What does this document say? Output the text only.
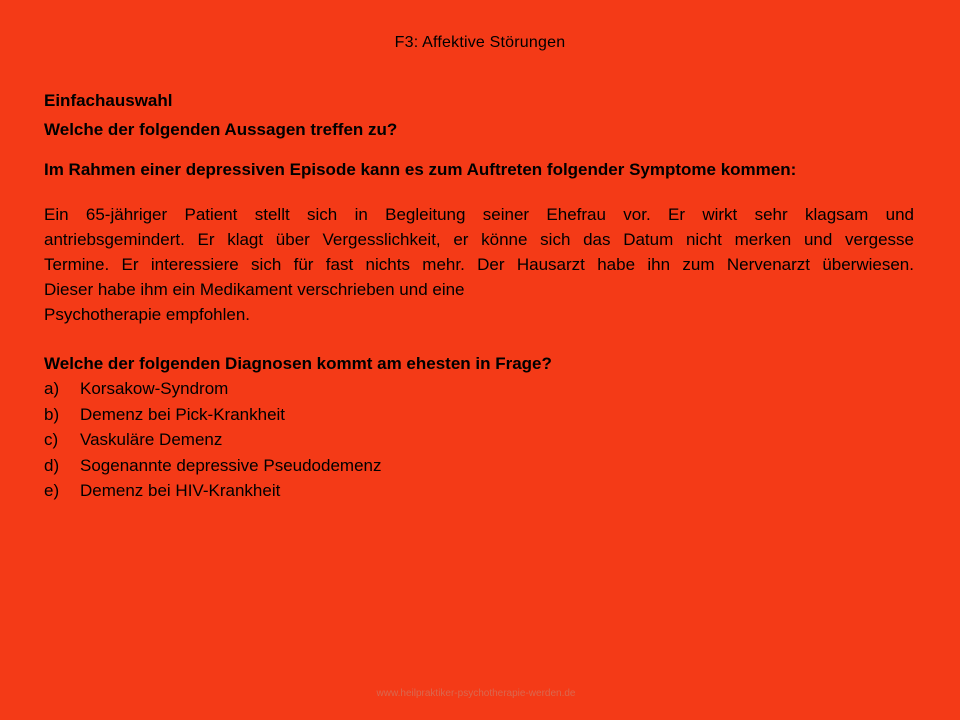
F3: Affektive Störungen

Einfachauswahl

Welche der folgenden Aussagen treffen zu?

Im Rahmen einer depressiven Episode kann es zum Auftreten folgender Symptome kommen:

Ein 65-jähriger Patient stellt sich in Begleitung seiner Ehefrau vor. Er wirkt sehr klagsam und

antriebsgemindert. Er klagt über Vergesslichkeit, er könne sich das Datum nicht merken und vergesse

Termine. Er interessiere sich für fast nichts mehr. Der Hausarzt habe ihn zum Nervenarzt überwiesen.

Dieser habe ihm ein Medikament verschrieben und eine

Psychotherapie empfohlen.

Welche der folgenden Diagnosen kommt am ehesten in Frage?

a)	Korsakow-Syndrom
b)	Demenz bei Pick-Krankheit
c)	Vaskuläre Demenz
d)	Sogenannte depressive Pseudodemenz
e)	Demenz bei HIV-Krankheit
www.heilpraktiker-psychotherapie-werden.de
